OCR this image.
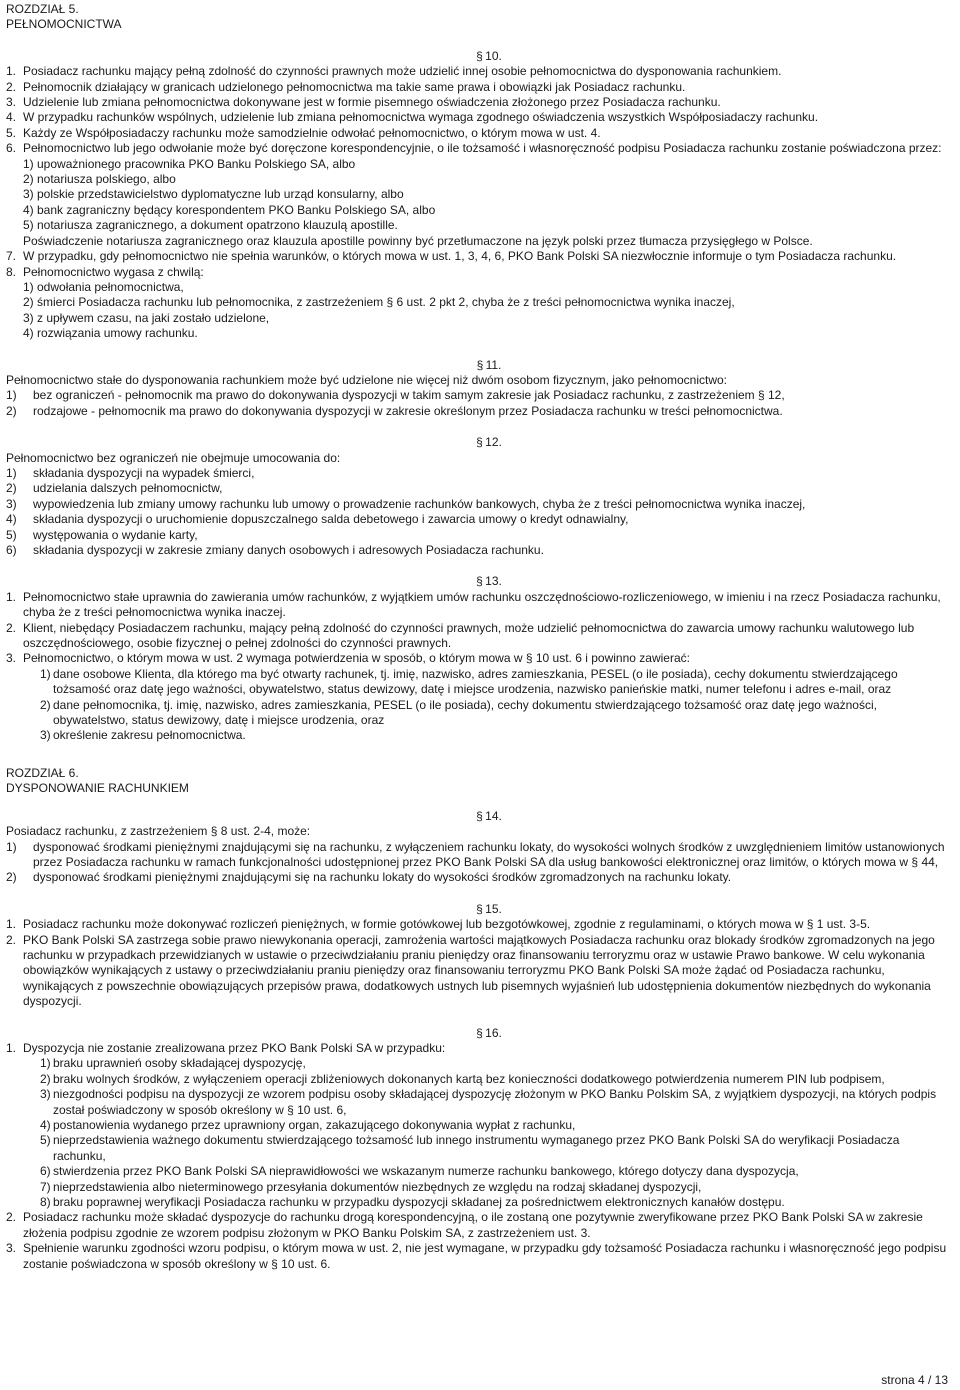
ROZDZIAŁ 5.
PEŁNOMOCNICTWA
§ 10.
1. Posiadacz rachunku mający pełną zdolność do czynności prawnych może udzielić innej osobie pełnomocnictwa do dysponowania rachunkiem.
2. Pełnomocnik działający w granicach udzielonego pełnomocnictwa ma takie same prawa i obowiązki jak Posiadacz rachunku.
3. Udzielenie lub zmiana pełnomocnictwa dokonywane jest w formie pisemnego oświadczenia złożonego przez Posiadacza rachunku.
4. W przypadku rachunków wspólnych, udzielenie lub zmiana pełnomocnictwa wymaga zgodnego oświadczenia wszystkich Współposiadaczy rachunku.
5. Każdy ze Współposiadaczy rachunku może samodzielnie odwołać pełnomocnictwo, o którym mowa w ust. 4.
6. Pełnomocnictwo lub jego odwołanie może być doręczone korespondencyjnie, o ile tożsamość i własnoręczność podpisu Posiadacza rachunku zostanie poświadczona przez:
1) upoważnionego pracownika PKO Banku Polskiego SA, albo
2) notariusza polskiego, albo
3) polskie przedstawicielstwo dyplomatyczne lub urząd konsularny, albo
4) bank zagraniczny będący korespondentem PKO Banku Polskiego SA, albo
5) notariusza zagranicznego, a dokument opatrzono klauzulą apostille.
Poświadczenie notariusza zagranicznego oraz klauzula apostille powinny być przetłumaczone na język polski przez tłumacza przysięgłego w Polsce.
7. W przypadku, gdy pełnomocnictwo nie spełnia warunków, o których mowa w ust. 1, 3, 4, 6, PKO Bank Polski SA niezwłocznie informuje o tym Posiadacza rachunku.
8. Pełnomocnictwo wygasa z chwilą:
1) odwołania pełnomocnictwa,
2) śmierci Posiadacza rachunku lub pełnomocnika, z zastrzeżeniem § 6 ust. 2 pkt 2, chyba że z treści pełnomocnictwa wynika inaczej,
3) z upływem czasu, na jaki zostało udzielone,
4) rozwiązania umowy rachunku.
§ 11.
Pełnomocnictwo stałe do dysponowania rachunkiem może być udzielone nie więcej niż dwóm osobom fizycznym, jako pełnomocnictwo:
1)	bez ograniczeń - pełnomocnik ma prawo do dokonywania dyspozycji w takim samym zakresie jak Posiadacz rachunku, z zastrzeżeniem § 12,
2)	rodzajowe - pełnomocnik ma prawo do dokonywania dyspozycji w zakresie określonym przez Posiadacza rachunku w treści pełnomocnictwa.
§ 12.
Pełnomocnictwo bez ograniczeń nie obejmuje umocowania do:
1)	składania dyspozycji na wypadek śmierci,
2)	udzielania dalszych pełnomocnictw,
3)	wypowiedzenia lub zmiany umowy rachunku lub umowy o prowadzenie rachunków bankowych, chyba że z treści pełnomocnictwa wynika inaczej,
4)	składania dyspozycji o uruchomienie dopuszczalnego salda debetowego i zawarcia umowy o kredyt odnawialny,
5)	występowania o wydanie karty,
6)	składania dyspozycji w zakresie zmiany danych osobowych i adresowych Posiadacza rachunku.
§ 13.
1. Pełnomocnictwo stałe uprawnia do zawierania umów rachunków, z wyjątkiem umów rachunku oszczędnościowo-rozliczeniowego, w imieniu i na rzecz Posiadacza rachunku, chyba że z treści pełnomocnictwa wynika inaczej.
2. Klient, niebędący Posiadaczem rachunku, mający pełną zdolność do czynności prawnych, może udzielić pełnomocnictwa do zawarcia umowy rachunku walutowego lub oszczędnościowego, osobie fizycznej o pełnej zdolności do czynności prawnych.
3. Pełnomocnictwo, o którym mowa w ust. 2 wymaga potwierdzenia w sposób, o którym mowa w § 10 ust. 6 i powinno zawierać:
1) dane osobowe Klienta, dla którego ma być otwarty rachunek, tj. imię, nazwisko, adres zamieszkania, PESEL (o ile posiada), cechy dokumentu stwierdzającego tożsamość oraz datę jego ważności, obywatelstwo, status dewizowy, datę i miejsce urodzenia, nazwisko panieńskie matki, numer telefonu i adres e-mail, oraz
2) dane pełnomocnika, tj. imię, nazwisko, adres zamieszkania, PESEL (o ile posiada), cechy dokumentu stwierdzającego tożsamość oraz datę jego ważności, obywatelstwo, status dewizowy, datę i miejsce urodzenia, oraz
3) określenie zakresu pełnomocnictwa.
ROZDZIAŁ 6.
DYSPONOWANIE RACHUNKIEM
§ 14.
Posiadacz rachunku, z zastrzeżeniem § 8 ust. 2-4, może:
1)	dysponować środkami pieniężnymi znajdującymi się na rachunku, z wyłączeniem rachunku lokaty, do wysokości wolnych środków z uwzględnieniem limitów ustanowionych przez Posiadacza rachunku w ramach funkcjonalności udostępnionej przez PKO Bank Polski SA dla usług bankowości elektronicznej oraz limitów, o których mowa w § 44,
2)	dysponować środkami pieniężnymi znajdującymi się na rachunku lokaty do wysokości środków zgromadzonych na rachunku lokaty.
§ 15.
1. Posiadacz rachunku może dokonywać rozliczeń pieniężnych, w formie gotówkowej lub bezgotówkowej, zgodnie z regulaminami, o których mowa w § 1 ust. 3-5.
2. PKO Bank Polski SA zastrzega sobie prawo niewykonania operacji, zamrożenia wartości majątkowych Posiadacza rachunku oraz blokady środków zgromadzonych na jego rachunku w przypadkach przewidzianych w ustawie o przeciwdziałaniu praniu pieniędzy oraz finansowaniu terroryzmu oraz w ustawie Prawo bankowe. W celu wykonania obowiązków wynikających z ustawy o przeciwdziałaniu praniu pieniędzy oraz finansowaniu terroryzmu PKO Bank Polski SA może żądać od Posiadacza rachunku, wynikających z powszechnie obowiązujących przepisów prawa, dodatkowych ustnych lub pisemnych wyjaśnień lub udostępnienia dokumentów niezbędnych do wykonania dyspozycji.
§ 16.
1. Dyspozycja nie zostanie zrealizowana przez PKO Bank Polski SA w przypadku:
1) braku uprawnień osoby składającej dyspozycję,
2) braku wolnych środków, z wyłączeniem operacji zbliżeniowych dokonanych kartą bez konieczności dodatkowego potwierdzenia numerem PIN lub podpisem,
3) niezgodności podpisu na dyspozycji ze wzorem podpisu osoby składającej dyspozycję złożonym w PKO Banku Polskim SA, z wyjątkiem dyspozycji, na których podpis został poświadczony w sposób określony w § 10 ust. 6,
4) postanowienia wydanego przez uprawniony organ, zakazującego dokonywania wypłat z rachunku,
5) nieprzedstawienia ważnego dokumentu stwierdzającego tożsamość lub innego instrumentu wymaganego przez PKO Bank Polski SA do weryfikacji Posiadacza rachunku,
6) stwierdzenia przez PKO Bank Polski SA nieprawidłowości we wskazanym numerze rachunku bankowego, którego dotyczy dana dyspozycja,
7) nieprzedstawienia albo nieterminowego przesyłania dokumentów niezbędnych ze względu na rodzaj składanej dyspozycji,
8) braku poprawnej weryfikacji Posiadacza rachunku w przypadku dyspozycji składanej za pośrednictwem elektronicznych kanałów dostępu.
2. Posiadacz rachunku może składać dyspozycje do rachunku drogą korespondencyjną, o ile zostaną one pozytywnie zweryfikowane przez PKO Bank Polski SA w zakresie złożenia podpisu zgodnie ze wzorem podpisu złożonym w PKO Banku Polskim SA, z zastrzeżeniem ust. 3.
3. Spełnienie warunku zgodności wzoru podpisu, o którym mowa w ust. 2, nie jest wymagane, w przypadku gdy tożsamość Posiadacza rachunku i własnoręczność jego podpisu zostanie poświadczona w sposób określony w § 10 ust. 6.
strona 4 / 13
